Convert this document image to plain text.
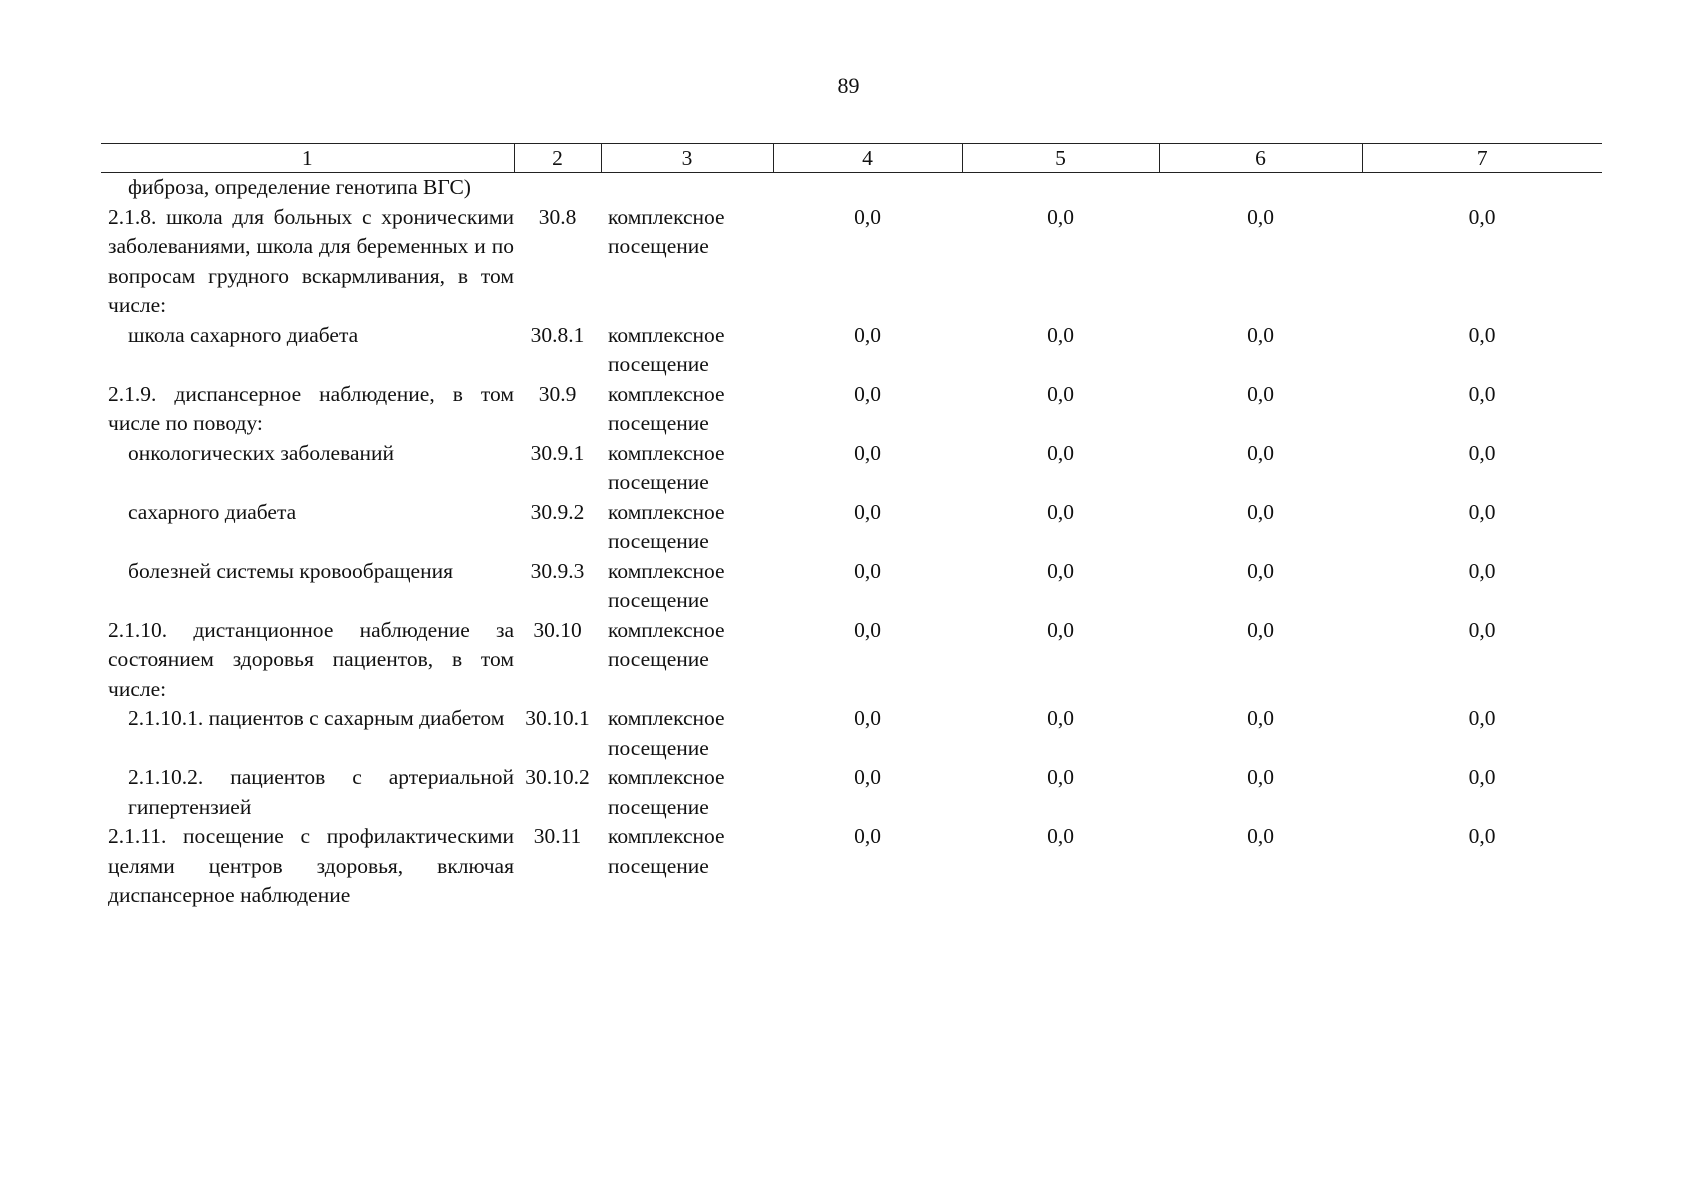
89
1	2	3	4	5	6	7
фиброза, определение генотипа ВГС)						
2.1.8. школа для больных с хроническими заболеваниями, школа для беременных и по вопросам грудного вскармливания, в том числе:	30.8	комплексное посещение	0,0	0,0	0,0	0,0
школа сахарного диабета	30.8.1	комплексное посещение	0,0	0,0	0,0	0,0
2.1.9. диспансерное наблюдение, в том числе по поводу:	30.9	комплексное посещение	0,0	0,0	0,0	0,0
онкологических заболеваний	30.9.1	комплексное посещение	0,0	0,0	0,0	0,0
сахарного диабета	30.9.2	комплексное посещение	0,0	0,0	0,0	0,0
болезней системы кровообращения	30.9.3	комплексное посещение	0,0	0,0	0,0	0,0
2.1.10. дистанционное наблюдение за состоянием здоровья пациентов, в том числе:	30.10	комплексное посещение	0,0	0,0	0,0	0,0
2.1.10.1. пациентов с сахарным диабетом	30.10.1	комплексное посещение	0,0	0,0	0,0	0,0
2.1.10.2. пациентов с артериальной гипертензией	30.10.2	комплексное посещение	0,0	0,0	0,0	0,0
2.1.11. посещение с профилактическими целями центров здоровья, включая диспансерное наблюдение	30.11	комплексное посещение	0,0	0,0	0,0	0,0
